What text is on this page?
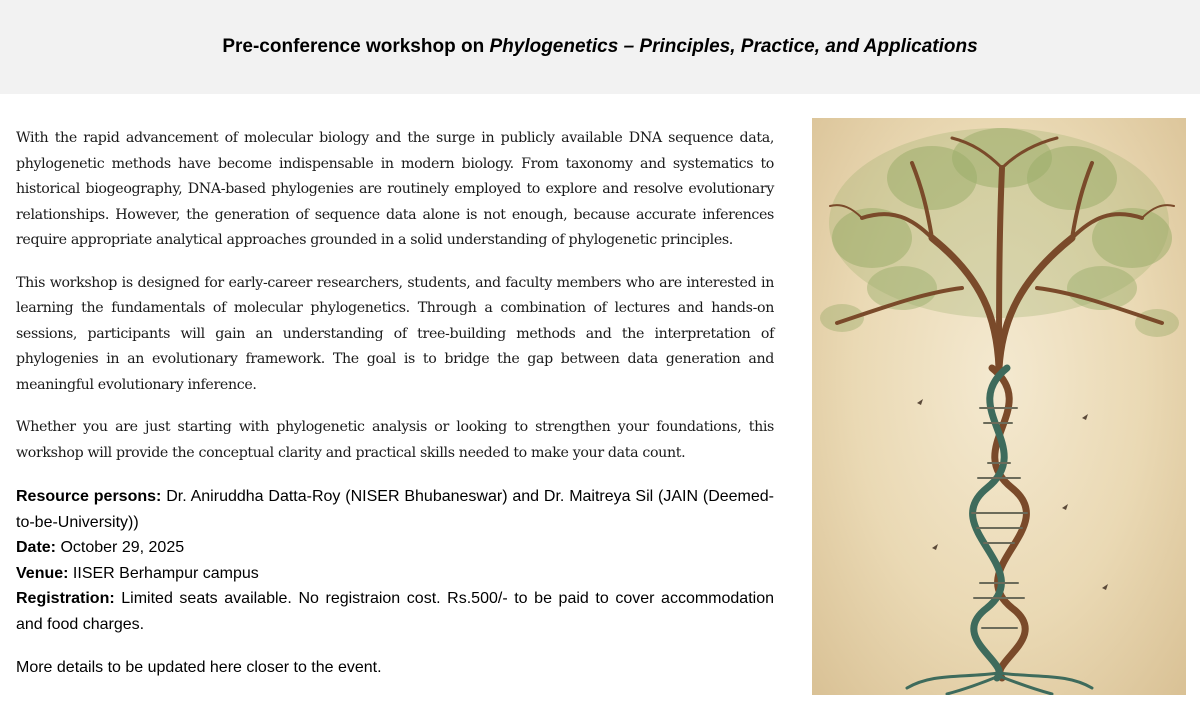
Pre-conference workshop on Phylogenetics – Principles, Practice, and Applications

With the rapid advancement of molecular biology and the surge in publicly available DNA sequence data, phylogenetic methods have become indispensable in modern biology. From taxonomy and systematics to historical biogeography, DNA-based phylogenies are routinely employed to explore and resolve evolutionary relationships. However, the generation of sequence data alone is not enough, because accurate inferences require appropriate analytical approaches grounded in a solid understanding of phylogenetic principles.

This workshop is designed for early-career researchers, students, and faculty members who are interested in learning the fundamentals of molecular phylogenetics. Through a combination of lectures and hands-on sessions, participants will gain an understanding of tree-building methods and the interpretation of phylogenies in an evolutionary framework. The goal is to bridge the gap between data generation and meaningful evolutionary inference.

Whether you are just starting with phylogenetic analysis or looking to strengthen your foundations, this workshop will provide the conceptual clarity and practical skills needed to make your data count.

Resource persons: Dr. Aniruddha Datta-Roy (NISER Bhubaneswar) and Dr. Maitreya Sil (JAIN (Deemed-to-be-University))

Date: October 29, 2025

Venue: IISER Berhampur campus

Registration: Limited seats available. No registraion cost. Rs.500/- to be paid to cover accommodation and food charges.

More details to be updated here closer to the event.
